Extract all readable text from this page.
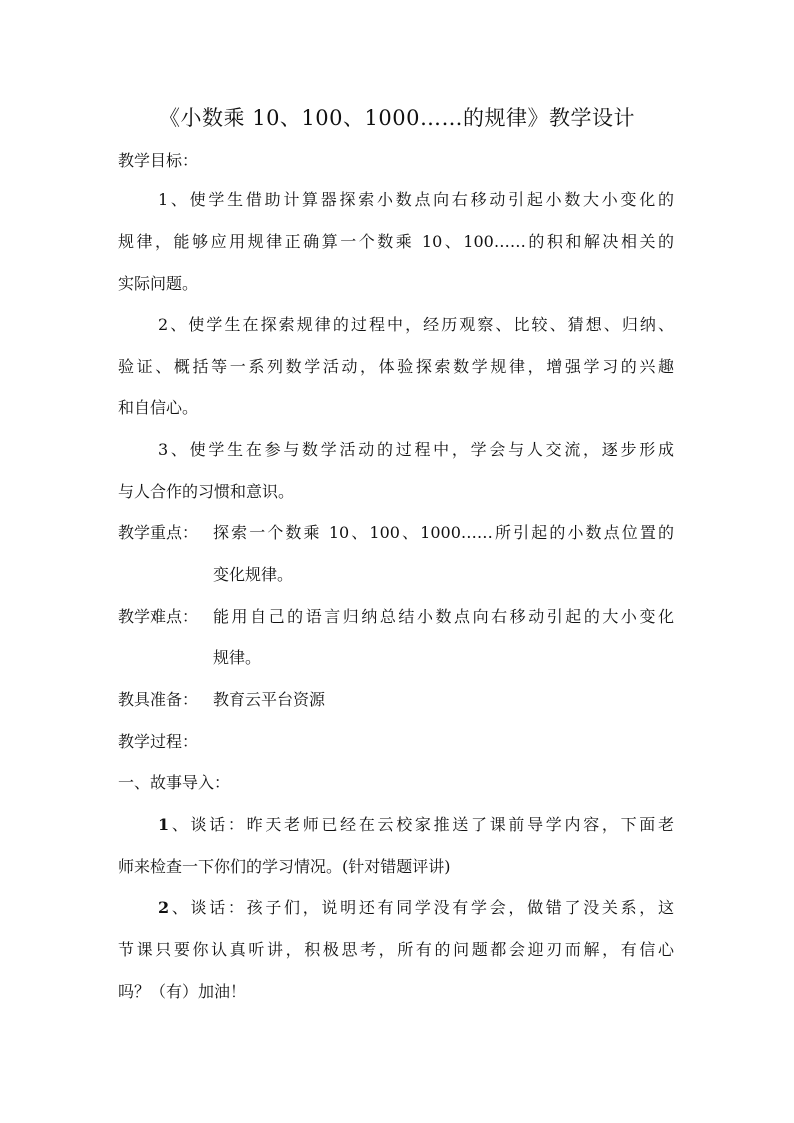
《小数乘 10、100、1000……的规律》教学设计
教学目标：
1、使学生借助计算器探索小数点向右移动引起小数大小变化的
规律，能够应用规律正确算一个数乘 10、100……的积和解决相关的
实际问题。
2、使学生在探索规律的过程中，经历观察、比较、猜想、归纳、
验证、概括等一系列数学活动，体验探索数学规律，增强学习的兴趣
和自信心。
3、使学生在参与数学活动的过程中，学会与人交流，逐步形成
与人合作的习惯和意识。
教学重点： 探索一个数乘 10、100、1000……所引起的小数点位置的
变化规律。
教学难点： 能用自己的语言归纳总结小数点向右移动引起的大小变化
规律。
教具准备： 教育云平台资源
教学过程：
一、故事导入：
1、谈话：昨天老师已经在云校家推送了课前导学内容，下面老
师来检查一下你们的学习情况。(针对错题评讲)
2、谈话：孩子们，说明还有同学没有学会，做错了没关系，这
节课只要你认真听讲，积极思考，所有的问题都会迎刃而解，有信心
吗？（有）加油！
